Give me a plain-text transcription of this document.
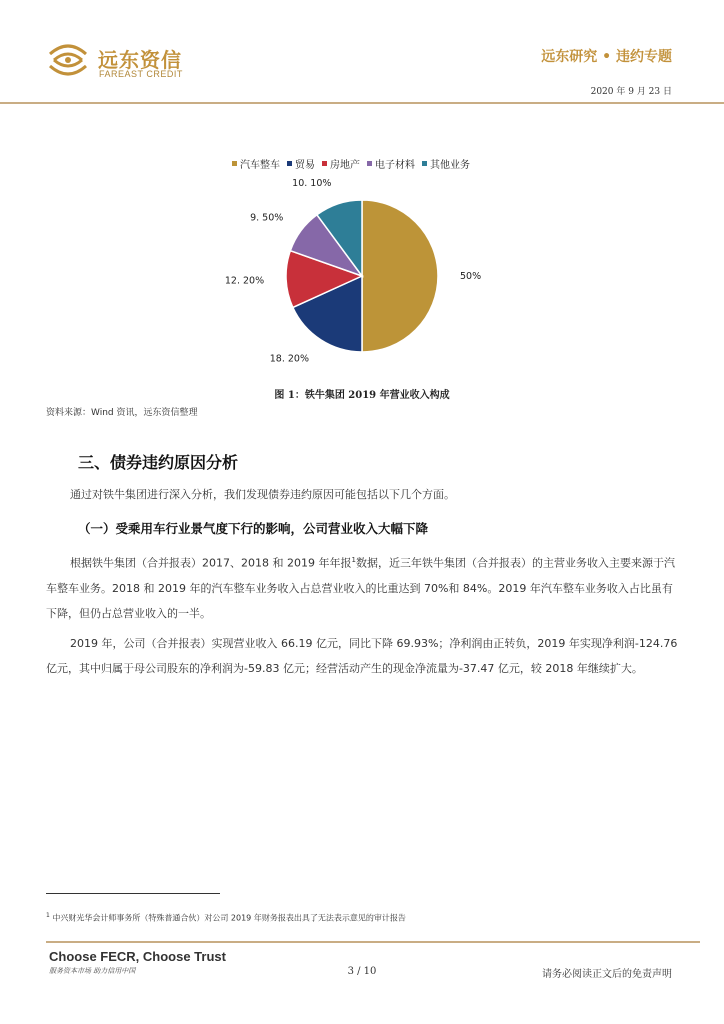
远东资信
FAREAST CREDIT
远东研究 • 违约专题
2020 年 9 月 23 日
汽车整车 贸易 房地产 电子材料 其他业务
50%
18. 20%
12. 20%
9. 50%
10. 10%
图 1：铁牛集团 2019 年营业收入构成
资料来源：Wind 资讯，远东资信整理
三、债券违约原因分析
通过对铁牛集团进行深入分析，我们发现债券违约原因可能包括以下几个方面。
（一）受乘用车行业景气度下行的影响，公司营业收入大幅下降
根据铁牛集团（合并报表）2017、2018 和 2019 年年报$^1$数据，近三年铁牛集团（合并报表）的主营业务收入主要来源于汽车整车业务。2018 和 2019 年的汽车整车业务收入占总营业收入的比重达到 70%和 84%。2019 年汽车整车业务收入占比虽有下降，但仍占总营业收入的一半。
2019 年，公司（合并报表）实现营业收入 66.19 亿元，同比下降 69.93%；净利润由正转负，2019 年实现净利润-124.76 亿元，其中归属于母公司股东的净利润为-59.83 亿元；经营活动产生的现金净流量为-37.47 亿元，较 2018 年继续扩大。
$^1$ 中兴财光华会计师事务所（特殊普通合伙）对公司 2019 年财务报表出具了无法表示意见的审计报告
Choose FECR, Choose Trust
服务资本市场 助力信用中国	3 / 10	请务必阅读正文后的免责声明
